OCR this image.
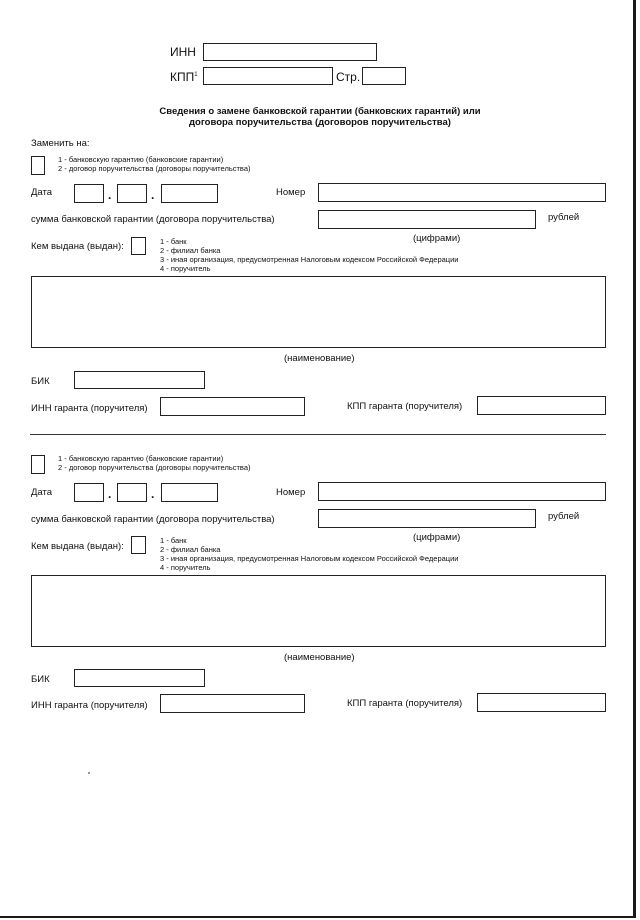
ИНН
КПП$^1$	Стр.
Сведения о замене банковской гарантии (банковских гарантий) или
договора поручительства (договоров поручительства)
Заменить на:
1 - банковскую гарантию (банковские гарантии)
2 - договор поручительства (договоры поручительства)
Дата	.	.	Номер
сумма банковской гарантии (договора поручительства)	рублей
(цифрами)
Кем выдана (выдан):	1 - банк
2 - филиал банка
3 - иная организация, предусмотренная Налоговым кодексом Российской Федерации
4 - поручитель
(наименование)
БИК
ИНН гаранта (поручителя)	КПП гаранта (поручителя)
1 - банковскую гарантию (банковские гарантии)
2 - договор поручительства (договоры поручительства)
Дата	.	.	Номер
сумма банковской гарантии (договора поручительства)	рублей
(цифрами)
Кем выдана (выдан):
1 - банк
2 - филиал банка
3 - иная организация, предусмотренная Налоговым кодексом Российской Федерации
4 - поручитель
(наименование)
БИК
ИНН гаранта (поручителя)	КПП гаранта (поручителя)
